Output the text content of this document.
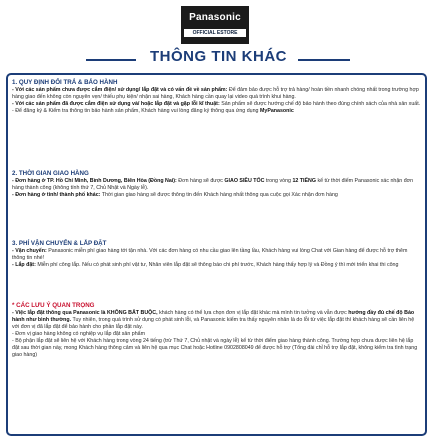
Panasonic
OFFICIAL ESTORE
THÔNG TIN KHÁC
1. QUY ĐỊNH ĐỔI TRẢ & BẢO HÀNH

- Với các sản phẩm chưa được cắm điện/ sử dụng/ lắp đặt và có vấn đề về sản phẩm: Để đảm bảo được hỗ trợ trả hàng/ hoàn tiền nhanh chóng nhất trong trường hợp hàng giao đến không còn nguyên vẹn/ thiếu phụ kiện/ nhận sai hàng, Khách hàng cần quay lại video quá trình khui hàng.

- Với các sản phẩm đã được cắm điện sử dụng và/ hoặc lắp đặt và gặp lỗi kĩ thuật: Sản phẩm sẽ được hướng chế độ bảo hành theo đúng chính sách của nhà sản xuất.

- Để đăng ký & Kiểm tra thông tin bảo hành sản phẩm, Khách hàng vui lòng đăng ký thông qua ứng dụng MyPanasonic

2. THỜI GIAN GIAO HÀNG

- Đơn hàng ở TP. Hồ Chí Minh, Bình Dương, Biên Hòa (Đồng Nai): Đơn hàng sẽ được GIAO SIÊU TỐC trong vòng 12 TIẾNG kể từ thời điểm Panasonic xác nhận đơn hàng thành công (không tính thứ 7, Chủ Nhật và Ngày lễ).

- Đơn hàng ở tỉnh/ thành phố khác: Thời gian giao hàng sẽ được thông tin đến Khách hàng nhất thông qua cuộc gọi Xác nhận đơn hàng

3. PHÍ VẬN CHUYỂN & LẮP ĐẶT

- Vận chuyển: Panasonic miễn phí giao hàng tới tận nhà. Với các đơn hàng có nhu cầu giao lên tầng lầu, Khách hàng vui lòng Chat với Gian hàng để được hỗ trợ thêm thông tin nhé!

- Lắp đặt: Miễn phí công lắp. Nếu có phát sinh phí vật tư, Nhân viên lắp đặt sẽ thông báo chi phí trước, Khách hàng thấy hợp lý và Đồng ý thì mới triển khai thi công

* CÁC LƯU Ý QUAN TRỌNG

- Việc lắp đặt thông qua Panasonic là KHÔNG BẮT BUỘC, khách hàng có thể lựa chọn đơn vị lắp đặt khác mà mình tin tưởng và vẫn được hưởng đầy đủ chế độ Bảo hành như bình thường. Tuy nhiên, trong quá trình sử dụng có phát sinh lỗi, và Panasonic kiểm tra thấy nguyên nhân là do lỗi từ việc lắp đặt thì khách hàng sẽ cần liên hệ với đơn vị đã lắp đặt để bảo hành cho phần lắp đặt này.

- Đơn vị giao hàng không có nghiệp vụ lắp đặt sản phẩm

- Bộ phận lắp đặt sẽ liên hệ với Khách hàng trong vòng 24 tiếng (trừ Thứ 7, Chủ nhật và ngày lễ) kể từ thời điểm giao hàng thành công. Trường hợp chưa được liên hệ lắp đặt sau thời gian này, mong Khách hàng thông cảm và liên hệ qua mục Chat hoặc Hotline 0902808049 để được hỗ trợ (Tổng đài chỉ hỗ trợ lắp đặt, không kiểm tra tình trạng giao hàng)
